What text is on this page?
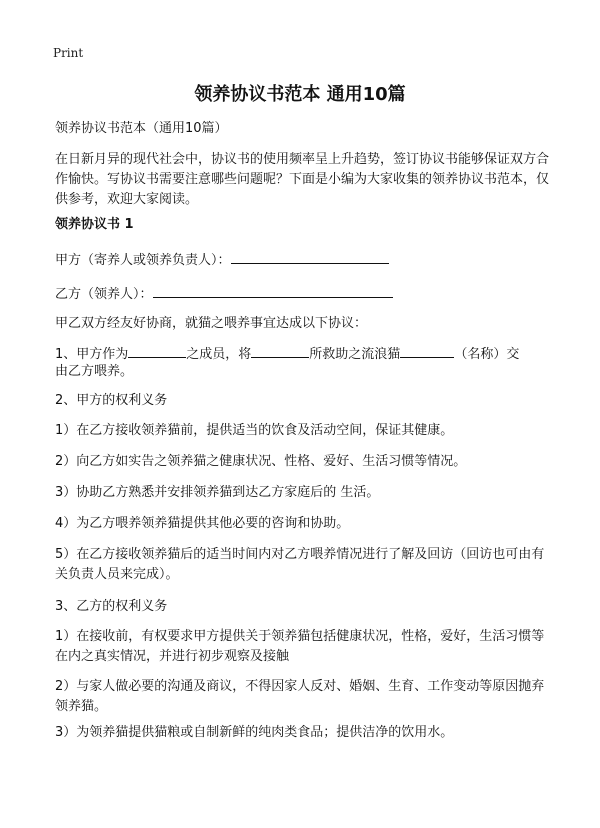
Print
领养协议书范本 通用10篇
领养协议书范本（通用10篇）
在日新月异的现代社会中，协议书的使用频率呈上升趋势，签订协议书能够保证双方合作愉快。写协议书需要注意哪些问题呢？下面是小编为大家收集的领养协议书范本，仅供参考，欢迎大家阅读。
领养协议书 1
甲方（寄养人或领养负责人）：
乙方（领养人）：
甲乙双方经友好协商，就猫之喂养事宜达成以下协议：
1、甲方作为	之成员，将	所救助之流浪猫	（名称）交
由乙方喂养。
2、甲方的权利义务
1）在乙方接收领养猫前，提供适当的饮食及活动空间，保证其健康。
2）向乙方如实告之领养猫之健康状况、性格、爱好、生活习惯等情况。
3）协助乙方熟悉并安排领养猫到达乙方家庭后的 生活。
4）为乙方喂养领养猫提供其他必要的咨询和协助。
5）在乙方接收领养猫后的适当时间内对乙方喂养情况进行了解及回访（回访也可由有关负责人员来完成）。
3、乙方的权利义务
1）在接收前，有权要求甲方提供关于领养猫包括健康状况，性格，爱好，生活习惯等在内之真实情况，并进行初步观察及接触
2）与家人做必要的沟通及商议，不得因家人反对、婚姻、生育、工作变动等原因抛弃领养猫。
3）为领养猫提供猫粮或自制新鲜的纯肉类食品；提供洁净的饮用水。
